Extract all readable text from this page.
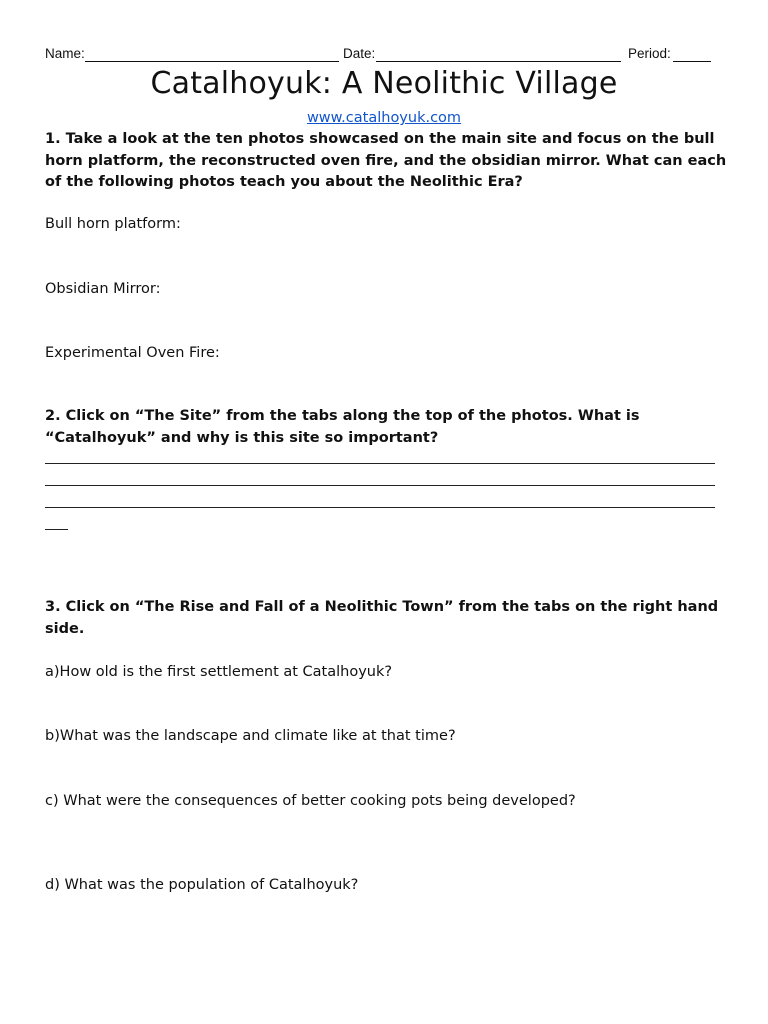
Name:	Date:	Period:
Catalhoyuk: A Neolithic Village
www.catalhoyuk.com
1. Take a look at the ten photos showcased on the main site and focus on the bull horn platform, the reconstructed oven fire, and the obsidian mirror. What can each of the following photos teach you about the Neolithic Era?
Bull horn platform:
Obsidian Mirror:
Experimental Oven Fire:
2. Click on “The Site” from the tabs along the top of the photos. What is “Catalhoyuk” and why is this site so important?
3. Click on “The Rise and Fall of a Neolithic Town” from the tabs on the right hand side.
a)How old is the first settlement at Catalhoyuk?
b)What was the landscape and climate like at that time?
c) What were the consequences of better cooking pots being developed?
d) What was the population of Catalhoyuk?
